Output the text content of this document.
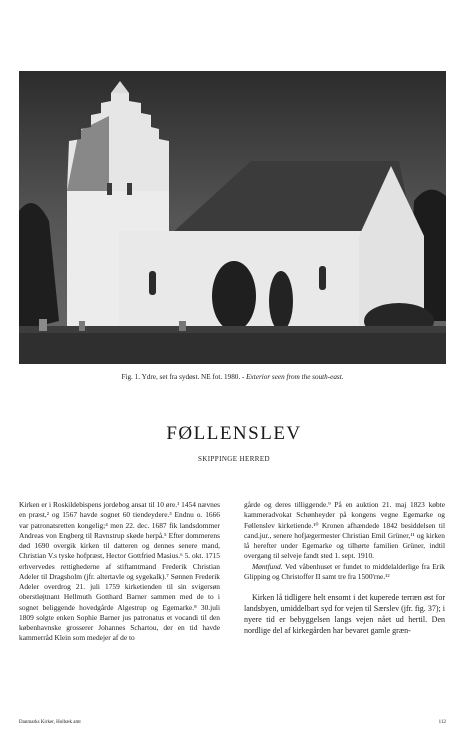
Fig. 1. Ydre, set fra sydøst. NE fot. 1980. - Exterior seen from the south-east.
FØLLENSLEV
SKIPPINGE HERRED

Kirken er i Roskildebispens jordebog ansat til 10 øre.¹ 1454 nævnes en præst,² og 1567 havde sognet 60 tiendeydere.³ Endnu o. 1666 var patronatsretten kongelig;⁴ men 22. dec. 1687 fik landsdommer Andreas von Engberg til Ravnstrup skøde herpå.⁵ Efter dommerens død 1690 overgik kirken til datteren og dennes senere mand, Christian V.s tyske hofpræst, Hector Gottfried Masius.⁶ 5. okt. 1715 erhvervedes rettighederne af stiftamtmand Frederik Christian Adeler til Dragsholm (jfr. altertavle og sygekalk).⁷ Sønnen Frederik Adeler overdrog 21. juli 1759 kirketienden til sin svigersøn oberstløjtnant Hellmuth Gotthard Barner sammen med de to i sognet beliggende hovedgårde Algestrup og Egemarke.⁸ 30.juli 1809 solgte enken Sophie Barner jus patronatus et vocandi til den københavnske grosserer Johannes Schartou, der en tid havde kammerråd Klein som medejer af de to

gårde og deres tilliggende.⁹ På en auktion 21. maj 1823 købte kammeradvokat Schønheyder på kongens vegne Egemarke og Føllenslev kirketiende.¹⁰ Kronen afhændede 1842 besiddelsen til cand.jur., senere hofjægermester Christian Emil Grüner,¹¹ og kirken lå herefter under Egemarke og tilhørte familien Grüner, indtil overgang til selveje fandt sted 1. sept. 1910.

Møntfund. Ved våbenhuset er fundet to middelalderlige fra Erik Glipping og Christoffer II samt tre fra 1500'rne.¹²

Kirken lå tidligere helt ensomt i det kuperede terræn øst for landsbyen, umiddelbart syd for vejen til Særslev (jfr. fig. 37); i nyere tid er bebyggelsen langs vejen nået ud hertil. Den nordlige del af kirkegården har bevaret gamle græn-

Danmarks Kirker, Holbæk amt	112
